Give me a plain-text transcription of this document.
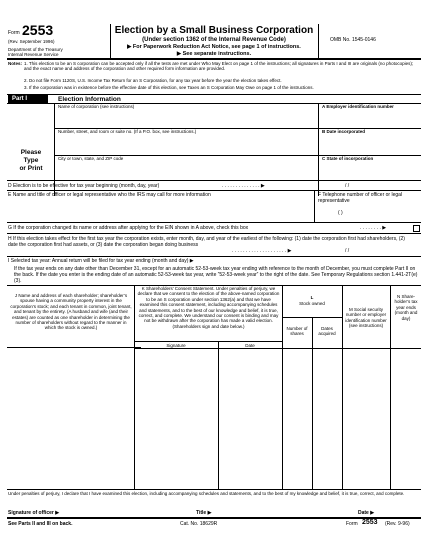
Form 2553
(Rev. September 1996)
Department of the Treasury
Internal Revenue Service
Election by a Small Business Corporation
(Under section 1362 of the Internal Revenue Code)
▶ For Paperwork Reduction Act Notice, see page 1 of instructions.
▶ See separate instructions.
OMB No. 1545-0146
Notes: 1. This election to be an S corporation can be accepted only if all the tests are met under Who May Elect on page 1 of the instructions; all signatures in Parts I and III are originals (no photocopies); and the exact name and address of the corporation and other required form information are provided.
2. Do not file Form 1120S, U.S. Income Tax Return for an S Corporation, for any tax year before the year the election takes effect.
3. If the corporation was in existence before the effective date of this election, see Taxes an S Corporation May Owe on page 1 of the instructions.
Part I	Election Information
Please
Type
or Print
Name of corporation (see instructions)	A Employer identification number
Number, street, and room or suite no. (If a P.O. box, see instructions.)	B Date incorporated
City or town, state, and ZIP code	C State of incorporation
D Election is to be effective for tax year beginning (month, day, year)	. . . . . . . . . . . . . . ▶	/ /
E Name and title of officer or legal representative who the IRS may call for more information	F Telephone number of officer or legal representative
( )
G If the corporation changed its name or address after applying for the EIN shown in A above, check this box	. . . . . . . . ▶
H If this election takes effect for the first tax year the corporation exists, enter month, day, and year of the earliest of the following: (1) date the corporation first had shareholders, (2) date the corporation first had assets, or (3) date the corporation began doing business
. . . . . . . . . . . . . . . . . . . . ▶	/ /
I Selected tax year: Annual return will be filed for tax year ending (month and day) ▶
If the tax year ends on any date other than December 31, except for an automatic 52-53-week tax year ending with reference to the month of December, you must complete Part II on the back. If the date you enter is the ending date of an automatic 52-53-week tax year, write “52-53-week year” to the right of the date. See Temporary Regulations section 1.441-2T(e)(3).
J Name and address of each shareholder; shareholder’s spouse having a community property interest in the corporation’s stock; and each tenant in common, joint tenant, and tenant by the entirety. (A husband and wife (and their estates) are counted as one shareholder in determining the number of shareholders without regard to the manner in which the stock is owned.)
K Shareholders’ Consent Statement. Under penalties of perjury, we declare that we consent to the election of the above-named corporation to be an S corporation under section 1362(a) and that we have examined this consent statement, including accompanying schedules and statements, and to the best of our knowledge and belief, it is true, correct, and complete. We understand our consent is binding and may not be withdrawn after the corporation has made a valid election. (Shareholders sign and date below.)
Signature	Date
L
Stock owned
Number of shares
Dates acquired
M Social security number or employer identification number (see instructions)
N Share-holder’s tax year ends (month and day)
Under penalties of perjury, I declare that I have examined this election, including accompanying schedules and statements, and to the best of my knowledge and belief, it is true, correct, and complete.
Signature of officer ▶	Title ▶	Date ▶
See Parts II and III on back.	Cat. No. 18629R	Form 2553 (Rev. 9-96)
